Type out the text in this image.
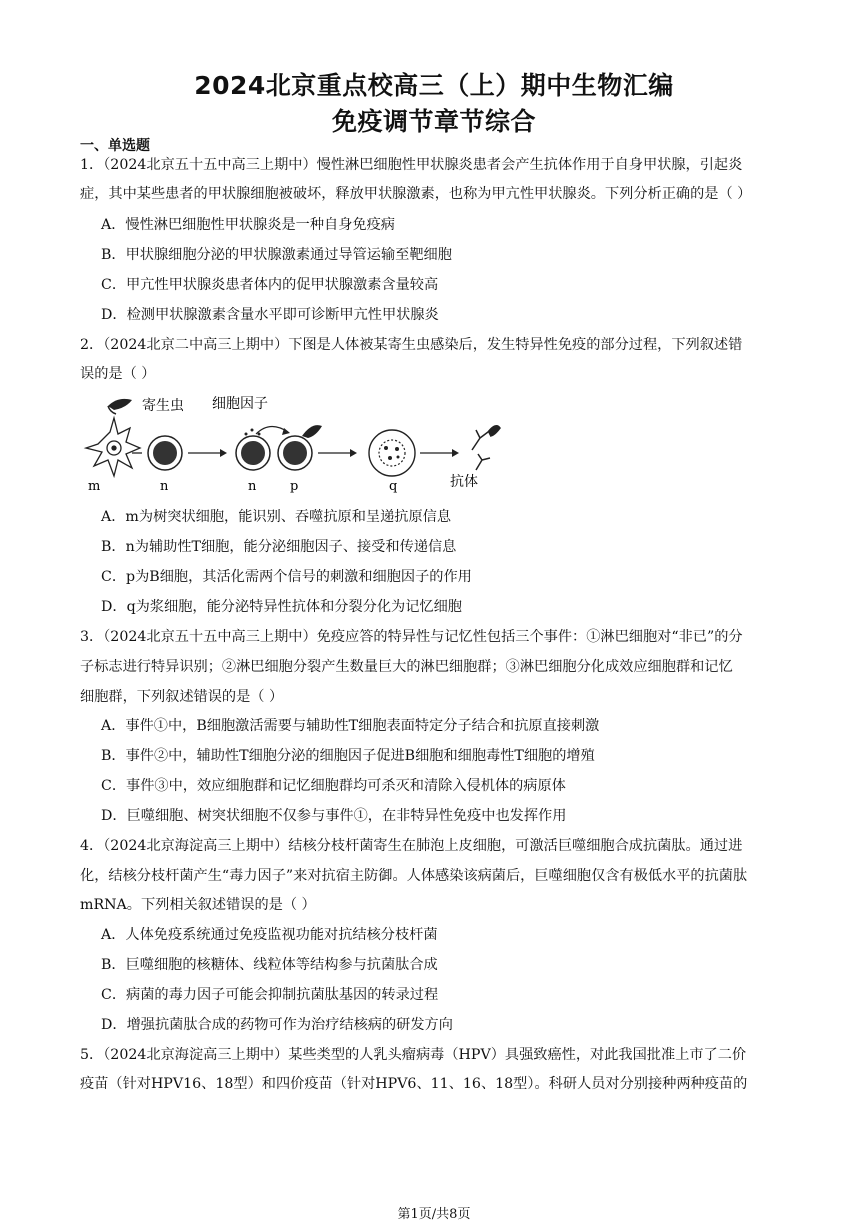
2024北京重点校高三（上）期中生物汇编
免疫调节章节综合
一、单选题
1．（2024北京五十五中高三上期中）慢性淋巴细胞性甲状腺炎患者会产生抗体作用于自身甲状腺，引起炎
症，其中某些患者的甲状腺细胞被破坏，释放甲状腺激素，也称为甲亢性甲状腺炎。下列分析正确的是（ ）
A．慢性淋巴细胞性甲状腺炎是一种自身免疫病
B．甲状腺细胞分泌的甲状腺激素通过导管运输至靶细胞
C．甲亢性甲状腺炎患者体内的促甲状腺激素含量较高
D．检测甲状腺激素含量水平即可诊断甲亢性甲状腺炎
2．（2024北京二中高三上期中）下图是人体被某寄生虫感染后，发生特异性免疫的部分过程，下列叙述错
误的是（ ）
寄生虫 细胞因子
m	n	n	p	q	抗体
A．m为树突状细胞，能识别、吞噬抗原和呈递抗原信息
B．n为辅助性T细胞，能分泌细胞因子、接受和传递信息
C．p为B细胞，其活化需两个信号的刺激和细胞因子的作用
D．q为浆细胞，能分泌特异性抗体和分裂分化为记忆细胞
3．（2024北京五十五中高三上期中）免疫应答的特异性与记忆性包括三个事件：①淋巴细胞对“非已”的分
子标志进行特异识别；②淋巴细胞分裂产生数量巨大的淋巴细胞群；③淋巴细胞分化成效应细胞群和记忆
细胞群，下列叙述错误的是（ ）
A．事件①中，B细胞激活需要与辅助性T细胞表面特定分子结合和抗原直接刺激
B．事件②中，辅助性T细胞分泌的细胞因子促进B细胞和细胞毒性T细胞的增殖
C．事件③中，效应细胞群和记忆细胞群均可杀灭和清除入侵机体的病原体
D．巨噬细胞、树突状细胞不仅参与事件①，在非特异性免疫中也发挥作用
4．（2024北京海淀高三上期中）结核分枝杆菌寄生在肺泡上皮细胞，可激活巨噬细胞合成抗菌肽。通过进
化，结核分枝杆菌产生“毒力因子”来对抗宿主防御。人体感染该病菌后，巨噬细胞仅含有极低水平的抗菌肽
mRNA。下列相关叙述错误的是（ ）
A．人体免疫系统通过免疫监视功能对抗结核分枝杆菌
B．巨噬细胞的核糖体、线粒体等结构参与抗菌肽合成
C．病菌的毒力因子可能会抑制抗菌肽基因的转录过程
D．增强抗菌肽合成的药物可作为治疗结核病的研发方向
5．（2024北京海淀高三上期中）某些类型的人乳头瘤病毒（HPV）具强致癌性，对此我国批准上市了二价
疫苗（针对HPV16、18型）和四价疫苗（针对HPV6、11、16、18型）。科研人员对分别接种两种疫苗的
第1页/共8页
